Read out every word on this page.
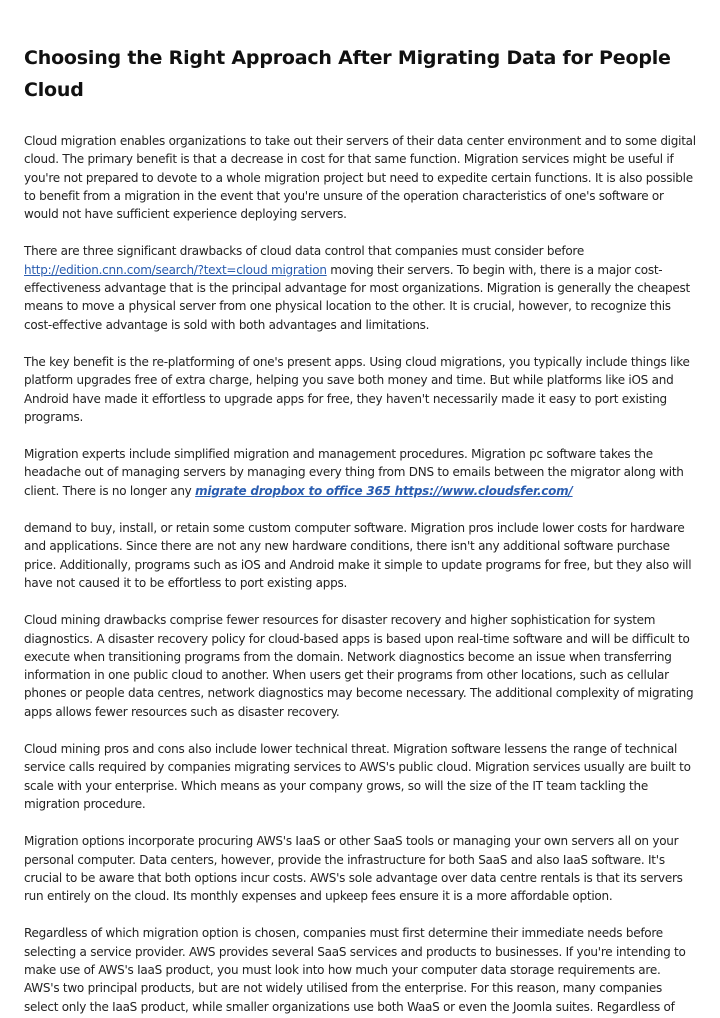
Choosing the Right Approach After Migrating Data for People Cloud

Cloud migration enables organizations to take out their servers of their data center environment and to some digital cloud. The primary benefit is that a decrease in cost for that same function. Migration services might be useful if you're not prepared to devote to a whole migration project but need to expedite certain functions. It is also possible to benefit from a migration in the event that you're unsure of the operation characteristics of one's software or would not have sufficient experience deploying servers.

There are three significant drawbacks of cloud data control that companies must consider before http://edition.cnn.com/search/?text=cloud migration moving their servers. To begin with, there is a major cost-effectiveness advantage that is the principal advantage for most organizations. Migration is generally the cheapest means to move a physical server from one physical location to the other. It is crucial, however, to recognize this cost-effective advantage is sold with both advantages and limitations.

The key benefit is the re-platforming of one's present apps. Using cloud migrations, you typically include things like platform upgrades free of extra charge, helping you save both money and time. But while platforms like iOS and Android have made it effortless to upgrade apps for free, they haven't necessarily made it easy to port existing programs.

Migration experts include simplified migration and management procedures. Migration pc software takes the headache out of managing servers by managing every thing from DNS to emails between the migrator along with client. There is no longer any migrate dropbox to office 365 https://www.cloudsfer.com/

demand to buy, install, or retain some custom computer software. Migration pros include lower costs for hardware and applications. Since there are not any new hardware conditions, there isn't any additional software purchase price. Additionally, programs such as iOS and Android make it simple to update programs for free, but they also will have not caused it to be effortless to port existing apps.

Cloud mining drawbacks comprise fewer resources for disaster recovery and higher sophistication for system diagnostics. A disaster recovery policy for cloud-based apps is based upon real-time software and will be difficult to execute when transitioning programs from the domain. Network diagnostics become an issue when transferring information in one public cloud to another. When users get their programs from other locations, such as cellular phones or people data centres, network diagnostics may become necessary. The additional complexity of migrating apps allows fewer resources such as disaster recovery.

Cloud mining pros and cons also include lower technical threat. Migration software lessens the range of technical service calls required by companies migrating services to AWS's public cloud. Migration services usually are built to scale with your enterprise. Which means as your company grows, so will the size of the IT team tackling the migration procedure.

Migration options incorporate procuring AWS's IaaS or other SaaS tools or managing your own servers all on your personal computer. Data centers, however, provide the infrastructure for both SaaS and also IaaS software. It's crucial to be aware that both options incur costs. AWS's sole advantage over data centre rentals is that its servers run entirely on the cloud. Its monthly expenses and upkeep fees ensure it is a more affordable option.

Regardless of which migration option is chosen, companies must first determine their immediate needs before selecting a service provider. AWS provides several SaaS services and products to businesses. If you're intending to make use of AWS's IaaS product, you must look into how much your computer data storage requirements are. AWS's two principal products, but are not widely utilised from the enterprise. For this reason, many companies select only the IaaS product, while smaller organizations use both WaaS or even the Joomla suites. Regardless of
